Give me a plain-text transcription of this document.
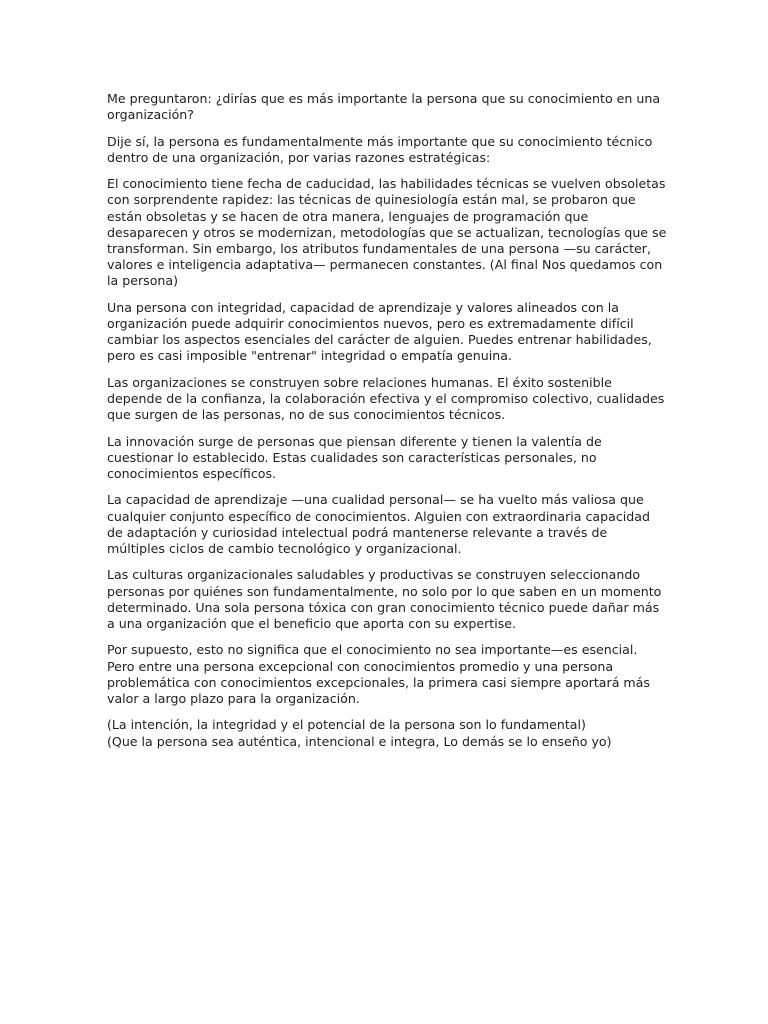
Me preguntaron: ¿dirías que es más importante la persona que su conocimiento en una organización?

Dije sí, la persona es fundamentalmente más importante que su conocimiento técnico dentro de una organización, por varias razones estratégicas:

El conocimiento tiene fecha de caducidad, las habilidades técnicas se vuelven obsoletas con sorprendente rapidez: las técnicas de quinesiología están mal, se probaron que están obsoletas y se hacen de otra manera, lenguajes de programación que desaparecen y otros se modernizan, metodologías que se actualizan, tecnologías que se transforman. Sin embargo, los atributos fundamentales de una persona —su carácter, valores e inteligencia adaptativa— permanecen constantes. (Al final Nos quedamos con la persona)

Una persona con integridad, capacidad de aprendizaje y valores alineados con la organización puede adquirir conocimientos nuevos, pero es extremadamente difícil cambiar los aspectos esenciales del carácter de alguien. Puedes entrenar habilidades, pero es casi imposible "entrenar" integridad o empatía genuina.

Las organizaciones se construyen sobre relaciones humanas. El éxito sostenible depende de la confianza, la colaboración efectiva y el compromiso colectivo, cualidades que surgen de las personas, no de sus conocimientos técnicos.

La innovación surge de personas que piensan diferente y tienen la valentía de cuestionar lo establecido. Estas cualidades son características personales, no conocimientos específicos.

La capacidad de aprendizaje —una cualidad personal— se ha vuelto más valiosa que cualquier conjunto específico de conocimientos. Alguien con extraordinaria capacidad de adaptación y curiosidad intelectual podrá mantenerse relevante a través de múltiples ciclos de cambio tecnológico y organizacional.

Las culturas organizacionales saludables y productivas se construyen seleccionando personas por quiénes son fundamentalmente, no solo por lo que saben en un momento determinado. Una sola persona tóxica con gran conocimiento técnico puede dañar más a una organización que el beneficio que aporta con su expertise.

Por supuesto, esto no significa que el conocimiento no sea importante—es esencial. Pero entre una persona excepcional con conocimientos promedio y una persona problemática con conocimientos excepcionales, la primera casi siempre aportará más valor a largo plazo para la organización.

(La intención, la integridad y el potencial de la persona son lo fundamental)

(Que la persona sea auténtica, intencional e integra, Lo demás se lo enseño yo)
